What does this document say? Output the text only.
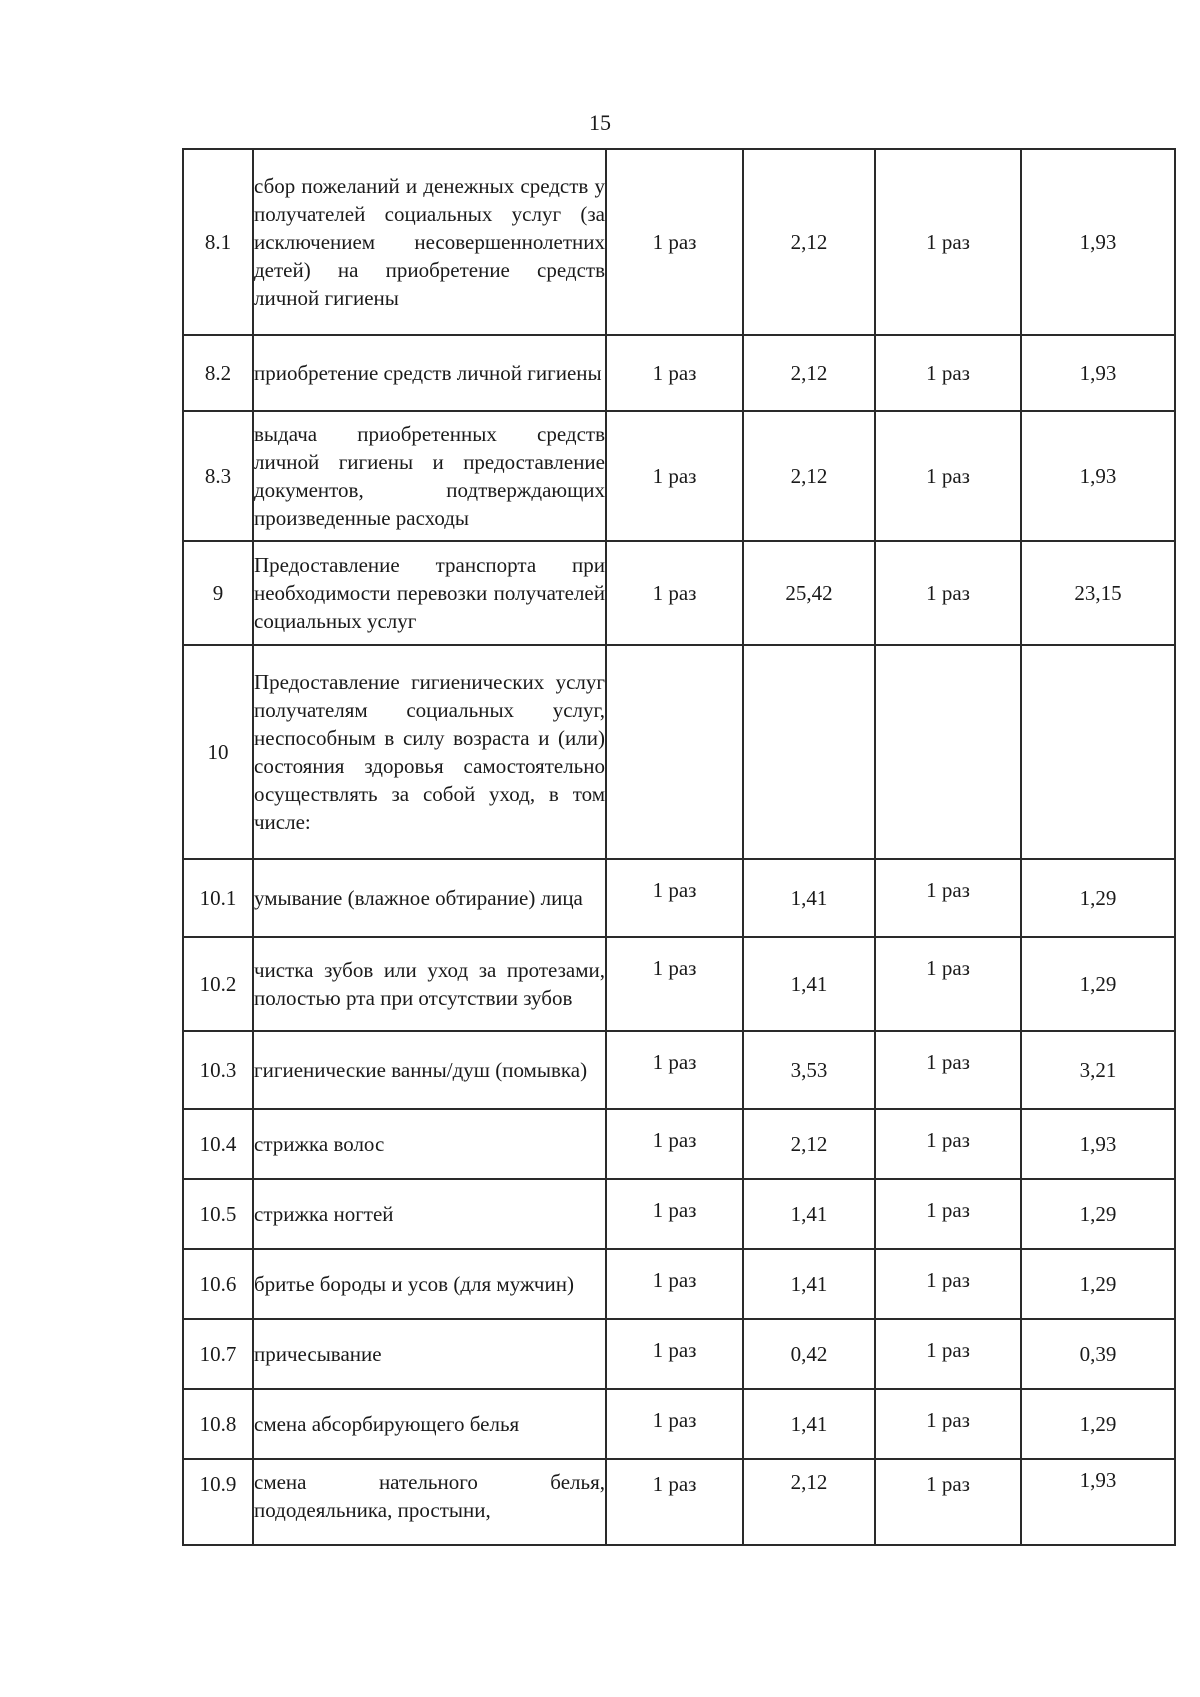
15
8.1	сбор пожеланий и денежных средств у получателей социальных услуг (за исключением несовершеннолетних детей) на приобретение средств личной гигиены	1 раз	2,12	1 раз	1,93
8.2	приобретение средств личной гигиены	1 раз	2,12	1 раз	1,93
8.3	выдача приобретенных средств личной гигиены и предоставление документов, подтверждающих произведенные расходы	1 раз	2,12	1 раз	1,93
9	Предоставление транспорта при необходимости перевозки получателей социальных услуг	1 раз	25,42	1 раз	23,15
10	Предоставление гигиенических услуг получателям социальных услуг, неспособным в силу возраста и (или) состояния здоровья самостоятельно осуществлять за собой уход, в том числе:				
10.1	умывание (влажное обтирание) лица	1 раз	1,41	1 раз	1,29
10.2	чистка зубов или уход за протезами, полостью рта при отсутствии зубов	1 раз	1,41	1 раз	1,29
10.3	гигиенические ванны/душ (помывка)	1 раз	3,53	1 раз	3,21
10.4	стрижка волос	1 раз	2,12	1 раз	1,93
10.5	стрижка ногтей	1 раз	1,41	1 раз	1,29
10.6	бритье бороды и усов (для мужчин)	1 раз	1,41	1 раз	1,29
10.7	причесывание	1 раз	0,42	1 раз	0,39
10.8	смена абсорбирующего белья	1 раз	1,41	1 раз	1,29
10.9	смена нательного белья, пододеяльника, простыни,	1 раз	2,12	1 раз	1,93
